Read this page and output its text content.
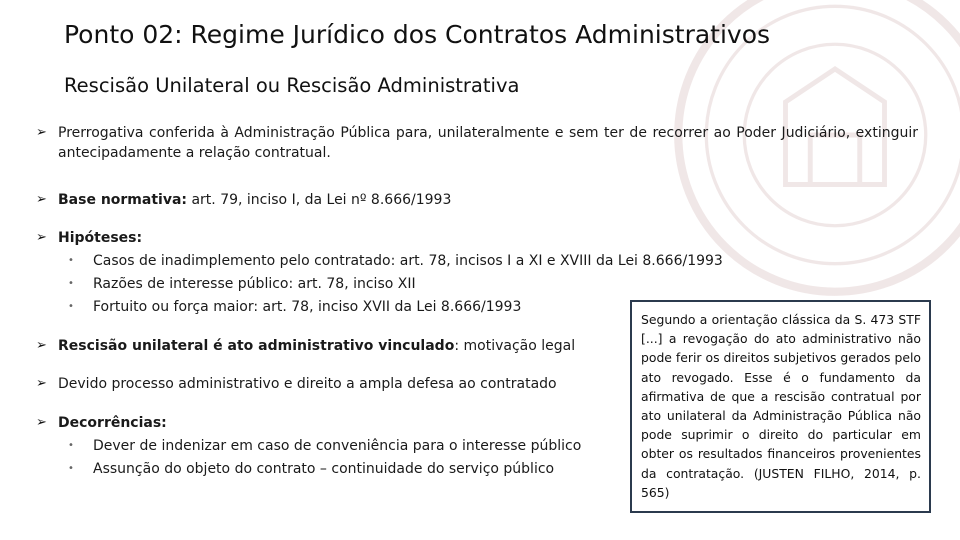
Ponto 02: Regime Jurídico dos Contratos Administrativos
Rescisão Unilateral ou Rescisão Administrativa
➢ Prerrogativa conferida à Administração Pública para, unilateralmente e sem ter de recorrer ao Poder Judiciário, extinguir antecipadamente a relação contratual.
➢ Base normativa: art. 79, inciso I, da Lei nº 8.666/1993
➢ Hipóteses:
• Casos de inadimplemento pelo contratado: art. 78, incisos I a XI e XVIII da Lei 8.666/1993
• Razões de interesse público: art. 78, inciso XII
• Fortuito ou força maior: art. 78, inciso XVII da Lei 8.666/1993
➢ Rescisão unilateral é ato administrativo vinculado: motivação legal
➢ Devido processo administrativo e direito a ampla defesa ao contratado
➢ Decorrências:
• Dever de indenizar em caso de conveniência para o interesse público
• Assunção do objeto do contrato – continuidade do serviço público
Segundo a orientação clássica da S. 473 STF [...] a revogação do ato administrativo não pode ferir os direitos subjetivos gerados pelo ato revogado. Esse é o fundamento da afirmativa de que a rescisão contratual por ato unilateral da Administração Pública não pode suprimir o direito do particular em obter os resultados financeiros provenientes da contratação. (JUSTEN FILHO, 2014, p. 565)
